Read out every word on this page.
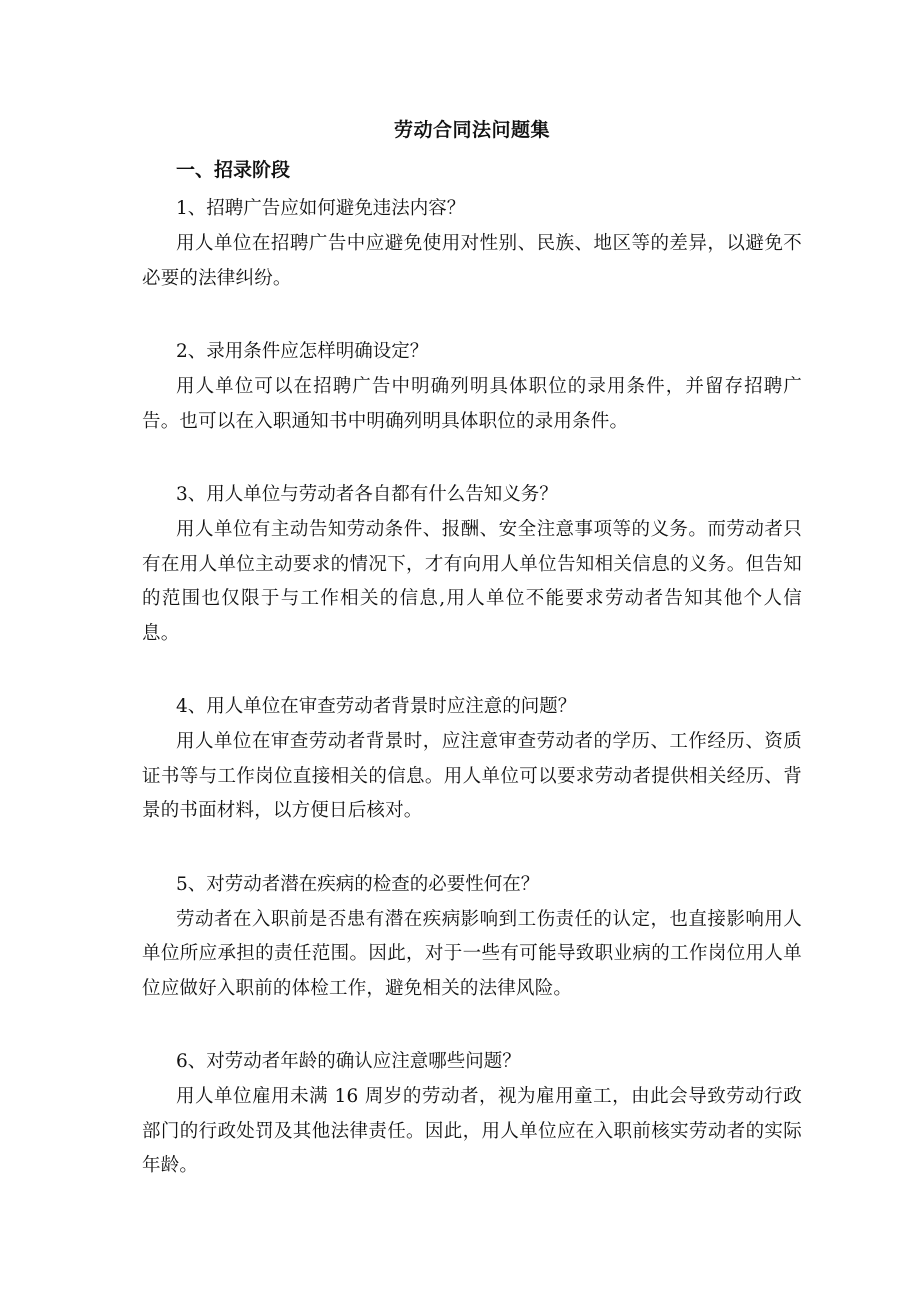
劳动合同法问题集
一、招录阶段
1、招聘广告应如何避免违法内容？

用人单位在招聘广告中应避免使用对性别、民族、地区等的差异，以避免不必要的法律纠纷。

2、录用条件应怎样明确设定？

用人单位可以在招聘广告中明确列明具体职位的录用条件，并留存招聘广告。也可以在入职通知书中明确列明具体职位的录用条件。

3、用人单位与劳动者各自都有什么告知义务？

用人单位有主动告知劳动条件、报酬、安全注意事项等的义务。而劳动者只有在用人单位主动要求的情况下，才有向用人单位告知相关信息的义务。但告知的范围也仅限于与工作相关的信息,用人单位不能要求劳动者告知其他个人信息。

4、用人单位在审查劳动者背景时应注意的问题？

用人单位在审查劳动者背景时，应注意审查劳动者的学历、工作经历、资质证书等与工作岗位直接相关的信息。用人单位可以要求劳动者提供相关经历、背景的书面材料，以方便日后核对。

5、对劳动者潜在疾病的检查的必要性何在？

劳动者在入职前是否患有潜在疾病影响到工伤责任的认定，也直接影响用人单位所应承担的责任范围。因此，对于一些有可能导致职业病的工作岗位用人单位应做好入职前的体检工作，避免相关的法律风险。

6、对劳动者年龄的确认应注意哪些问题？

用人单位雇用未满 16 周岁的劳动者，视为雇用童工，由此会导致劳动行政部门的行政处罚及其他法律责任。因此，用人单位应在入职前核实劳动者的实际年龄。
